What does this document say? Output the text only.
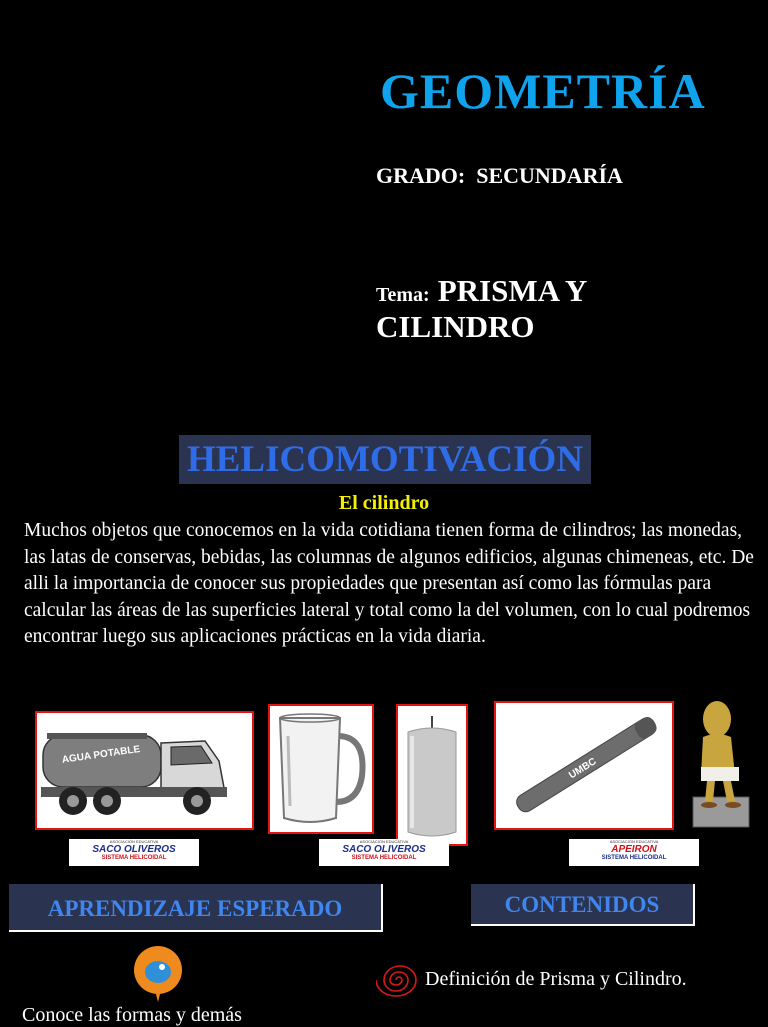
GEOMETRÍA
GRADO: SECUNDARÍA
Tema: PRISMA Y CILINDRO
HELICOMOTIVACIÓN
El cilindro

Muchos objetos que conocemos en la vida cotidiana tienen forma de cilindros; las monedas, las latas de conservas, bebidas, las columnas de algunos edificios, algunas chimeneas, etc. De alli la importancia de conocer sus propiedades que presentan así como las fórmulas para

calcular las áreas de las superficies lateral y total como la del volumen, con lo cual podremos encontrar luego sus aplicaciones prácticas en la vida diaria.

AGUA POTABLE
UMBC
ASOCIACIÓN EDUCATIVA
SACO OLIVEROS
SISTEMA HELICOIDAL
ASOCIACIÓN EDUCATIVA
SACO OLIVEROS
SISTEMA HELICOIDAL
ASOCIACIÓN EDUCATIVA
APEIRON
SISTEMA HELICOIDAL
APRENDIZAJE ESPERADO	CONTENIDOS
Definición de Prisma y Cilindro.
Conoce las formas y demás
